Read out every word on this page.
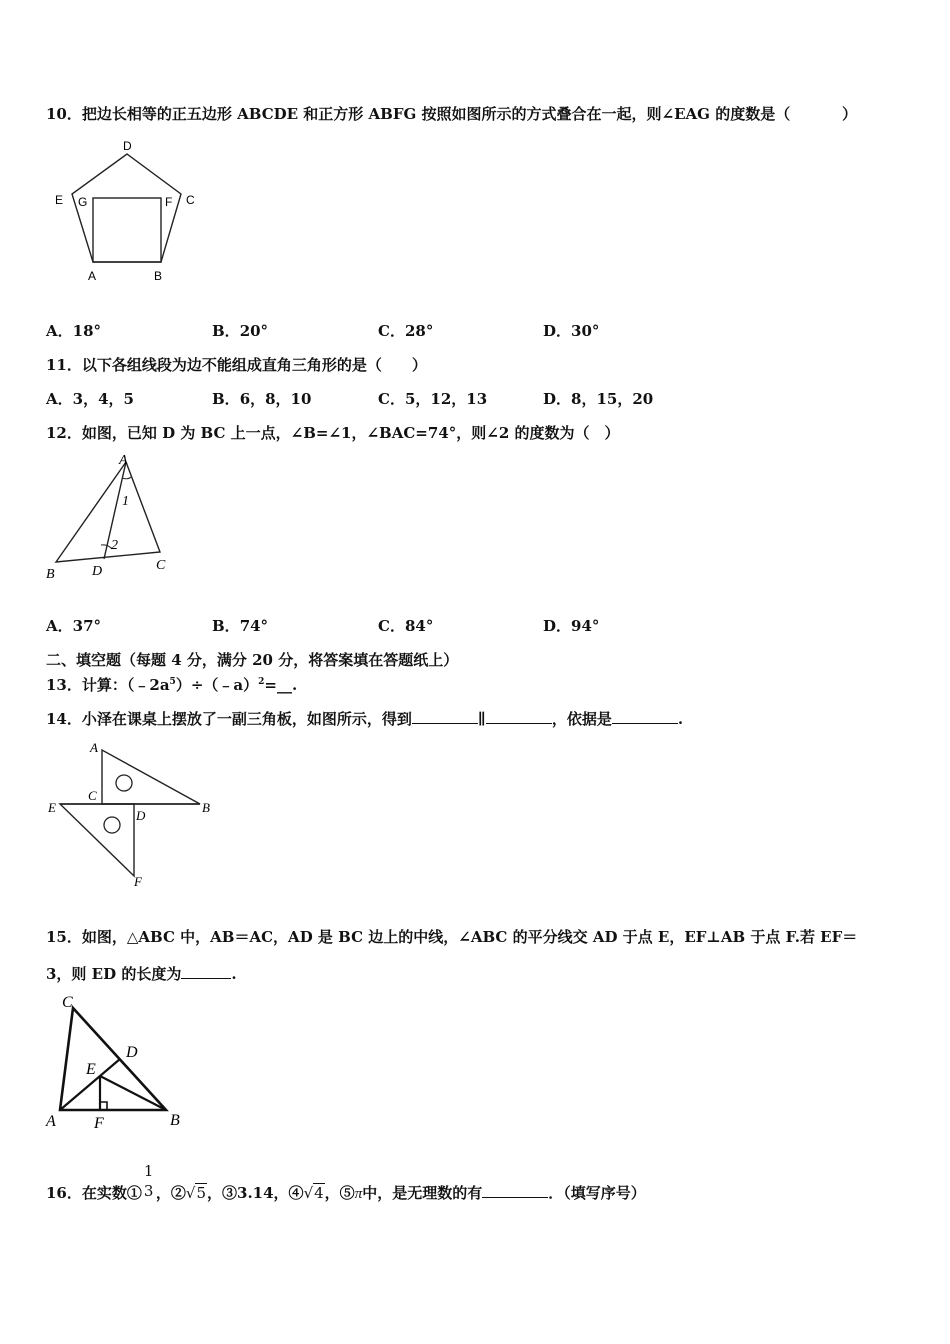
10．把边长相等的正五边形 ABCDE 和正方形 ABFG 按照如图所示的方式叠合在一起，则∠EAG 的度数是（	）
D
E G	F C
A	B
A．18°	B．20°	C．28°	D．30°
11．以下各组线段为边不能组成直角三角形的是（　　）
A．3，4，5	B．6，8，10	C．5，12，13	D．8，15，20
12．如图，已知 D 为 BC 上一点，∠B=∠1，∠BAC=74°，则∠2 的度数为（　）
A
B
C
D
1
2
A．37°	B．74°	C．84°	D．94°
二、填空题（每题 4 分，满分 20 分，将答案填在答题纸上）
13．计算：$(﹣2a^5)\div(﹣a)^2=\_\_$.
14．小泽在课桌上摆放了一副三角板，如图所示，得到	∥	，依据是	.
A
B
C
D
E
F
15．如图，△ABC 中，AB＝AC，AD 是 BC 边上的中线，∠ABC 的平分线交 AD 于点 E，EF⊥AB 于点 F.若 EF＝
3，则 ED 的长度为	.
A	B
C
D
E
F
16．在实数①
1
3 ，②√5，③3.14，④√4，⑤π中，是无理数的有	．（填写序号）
